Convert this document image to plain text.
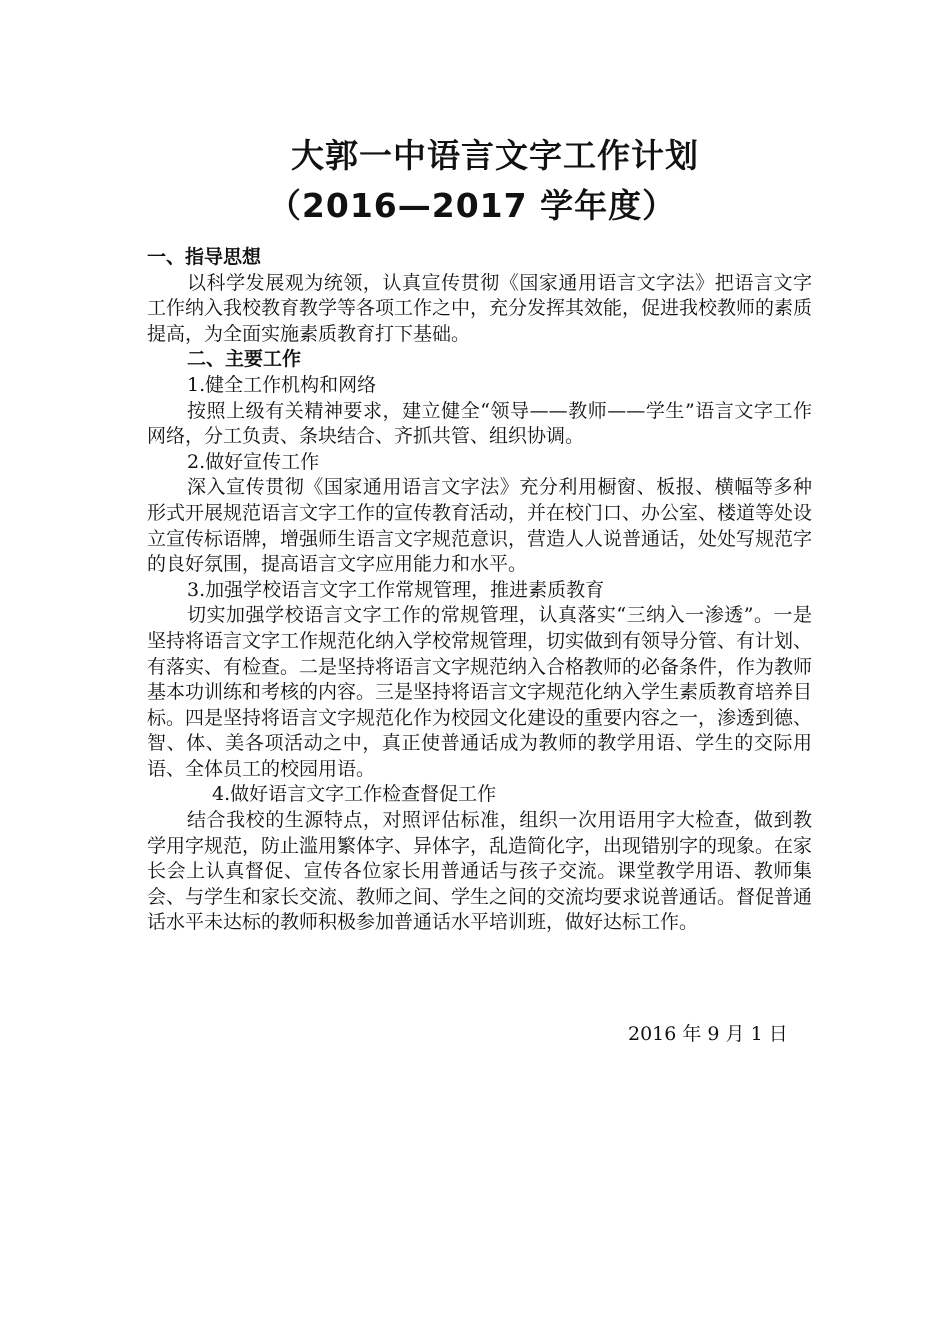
大郭一中语言文字工作计划
（2016—2017 学年度）

一、指导思想

以科学发展观为统领，认真宣传贯彻《国家通用语言文字法》把语言文字工作纳入我校教育教学等各项工作之中，充分发挥其效能，促进我校教师的素质提高，为全面实施素质教育打下基础。

二、主要工作

1.健全工作机构和网络

按照上级有关精神要求，建立健全“领导——教师——学生”语言文字工作网络，分工负责、条块结合、齐抓共管、组织协调。

2.做好宣传工作

深入宣传贯彻《国家通用语言文字法》充分利用橱窗、板报、横幅等多种形式开展规范语言文字工作的宣传教育活动，并在校门口、办公室、楼道等处设立宣传标语牌，增强师生语言文字规范意识，营造人人说普通话，处处写规范字的良好氛围，提高语言文字应用能力和水平。

3.加强学校语言文字工作常规管理，推进素质教育

切实加强学校语言文字工作的常规管理，认真落实“三纳入一渗透”。一是坚持将语言文字工作规范化纳入学校常规管理，切实做到有领导分管、有计划、有落实、有检查。二是坚持将语言文字规范纳入合格教师的必备条件，作为教师基本功训练和考核的内容。三是坚持将语言文字规范化纳入学生素质教育培养目标。四是坚持将语言文字规范化作为校园文化建设的重要内容之一，渗透到德、智、体、美各项活动之中，真正使普通话成为教师的教学用语、学生的交际用语、全体员工的校园用语。

4.做好语言文字工作检查督促工作

结合我校的生源特点，对照评估标准，组织一次用语用字大检查，做到教学用字规范，防止滥用繁体字、异体字，乱造简化字，出现错别字的现象。在家长会上认真督促、宣传各位家长用普通话与孩子交流。课堂教学用语、教师集会、与学生和家长交流、教师之间、学生之间的交流均要求说普通话。督促普通话水平未达标的教师积极参加普通话水平培训班，做好达标工作。

2016 年 9 月 1 日
